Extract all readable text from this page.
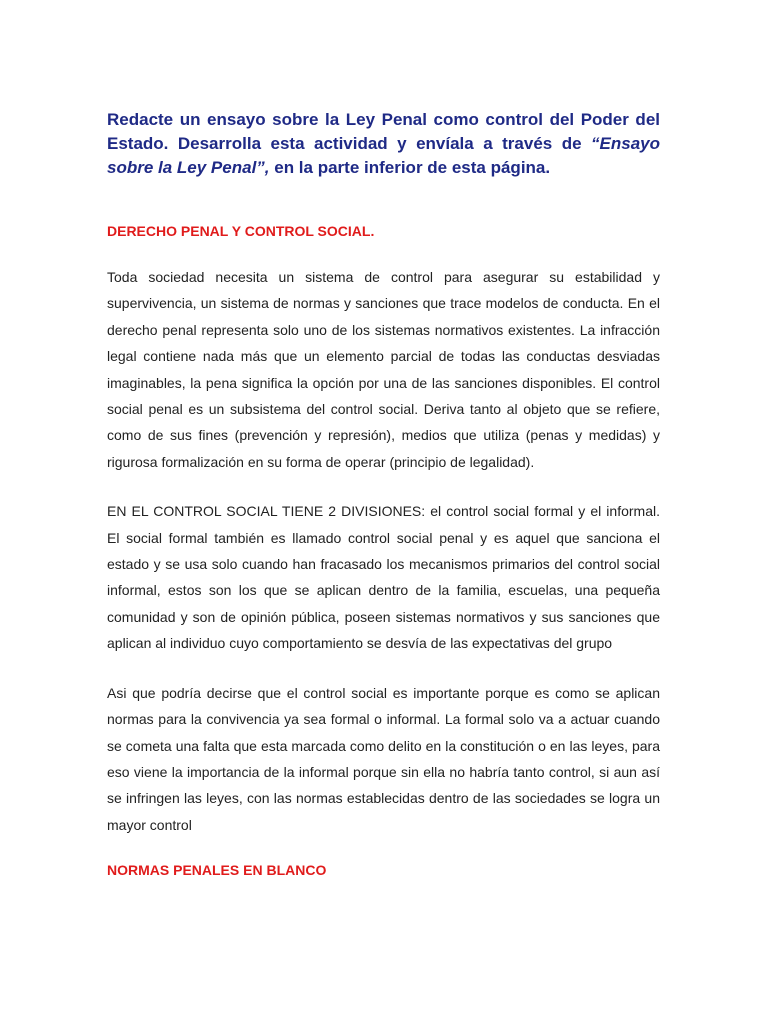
Redacte un ensayo sobre la Ley Penal como control del Poder del Estado. Desarrolla esta actividad y envíala a través de “Ensayo sobre la Ley Penal”, en la parte inferior de esta página.

DERECHO PENAL Y CONTROL SOCIAL.

Toda sociedad necesita un sistema de control para asegurar su estabilidad y supervivencia, un sistema de normas y sanciones que trace modelos de conducta. En el derecho penal representa solo uno de los sistemas normativos existentes. La infracción legal contiene nada más que un elemento parcial de todas las conductas desviadas imaginables, la pena significa la opción por una de las sanciones disponibles. El control social penal es un subsistema del control social. Deriva tanto al objeto que se refiere, como de sus fines (prevención y represión), medios que utiliza (penas y medidas) y rigurosa formalización en su forma de operar (principio de legalidad).

EN EL CONTROL SOCIAL TIENE 2 DIVISIONES: el control social formal y el informal. El social formal también es llamado control social penal y es aquel que sanciona el estado y se usa solo cuando han fracasado los mecanismos primarios del control social informal, estos son los que se aplican dentro de la familia, escuelas, una pequeña comunidad y son de opinión pública, poseen sistemas normativos y sus sanciones que aplican al individuo cuyo comportamiento se desvía de las expectativas del grupo

Asi que podría decirse que el control social es importante porque es como se aplican normas para la convivencia ya sea formal o informal. La formal solo va a actuar cuando se cometa una falta que esta marcada como delito en la constitución o en las leyes, para eso viene la importancia de la informal porque sin ella no habría tanto control, si aun así se infringen las leyes, con las normas establecidas dentro de las sociedades se logra un mayor control

NORMAS PENALES EN BLANCO
